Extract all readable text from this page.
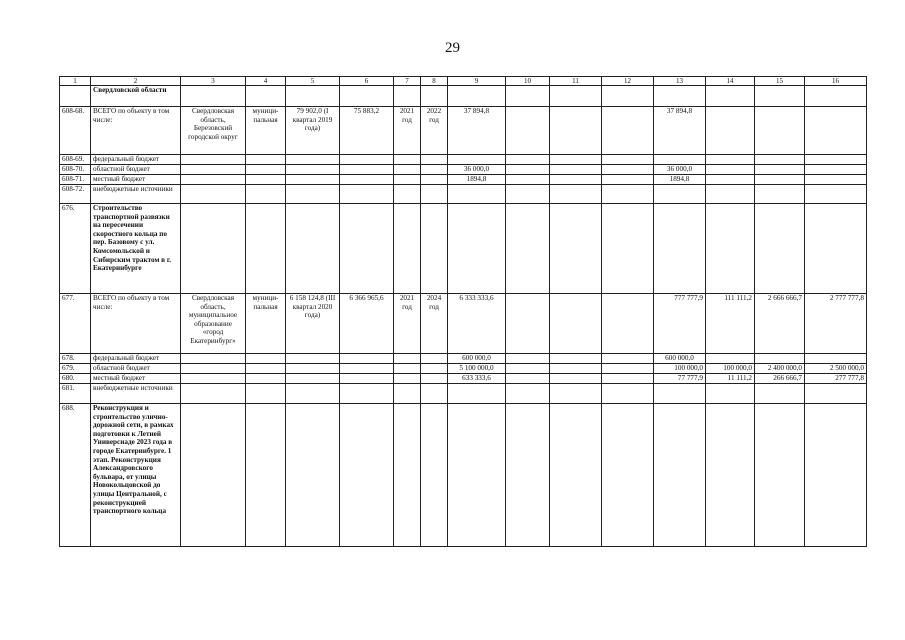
29
1	2	3	4	5	6	7	8	9	10	11	12	13	14	15	16
	Свердловской области														
608-68.	ВСЕГО по объекту в том числе:	Свердловская область, Березовский городской округ	муници-пальная	79 902,0 (I квартал 2019 года)	75 883,2	2021 год	2022 год	37 894,8				37 894,8			
608-69.	федеральный бюджет														
608-70.	областной бюджет							36 000,0				36 000,0			
608-71.	местный бюджет							1894,8				1894,8			
608-72.	внебюджетные источники														
676.	Строительство транспортной развязки на пересечении скоростного кольца по пер. Базовому с ул. Комсомольской и Сибирским трактом в г. Екатеринбурге														
677.	ВСЕГО по объекту в том числе:	Свердловская область, муниципальное образование «город Екатеринбург»	муници-пальная	6 158 124,8 (III квартал 2020 года)	6 366 965,6	2021 год	2024 год	6 333 333,6				777 777,9	111 111,2	2 666 666,7	2 777 777,8
678.	федеральный бюджет							600 000,0				600 000,0			
679.	областной бюджет							5 100 000,0				100 000,0	100 000,0	2 400 000,0	2 500 000,0
680.	местный бюджет							633 333,6				77 777,9	11 111,2	266 666,7	277 777,8
681.	внебюджетные источники														
688.	Реконструкция и строительство улично-дорожной сети, в рамках подготовки к Летней Универсиаде 2023 года в городе Екатеринбурге. 1 этап. Реконструкция Александровского бульвара, от улицы Новокольцовской до улицы Центральной, с реконструкцией транспортного кольца														
